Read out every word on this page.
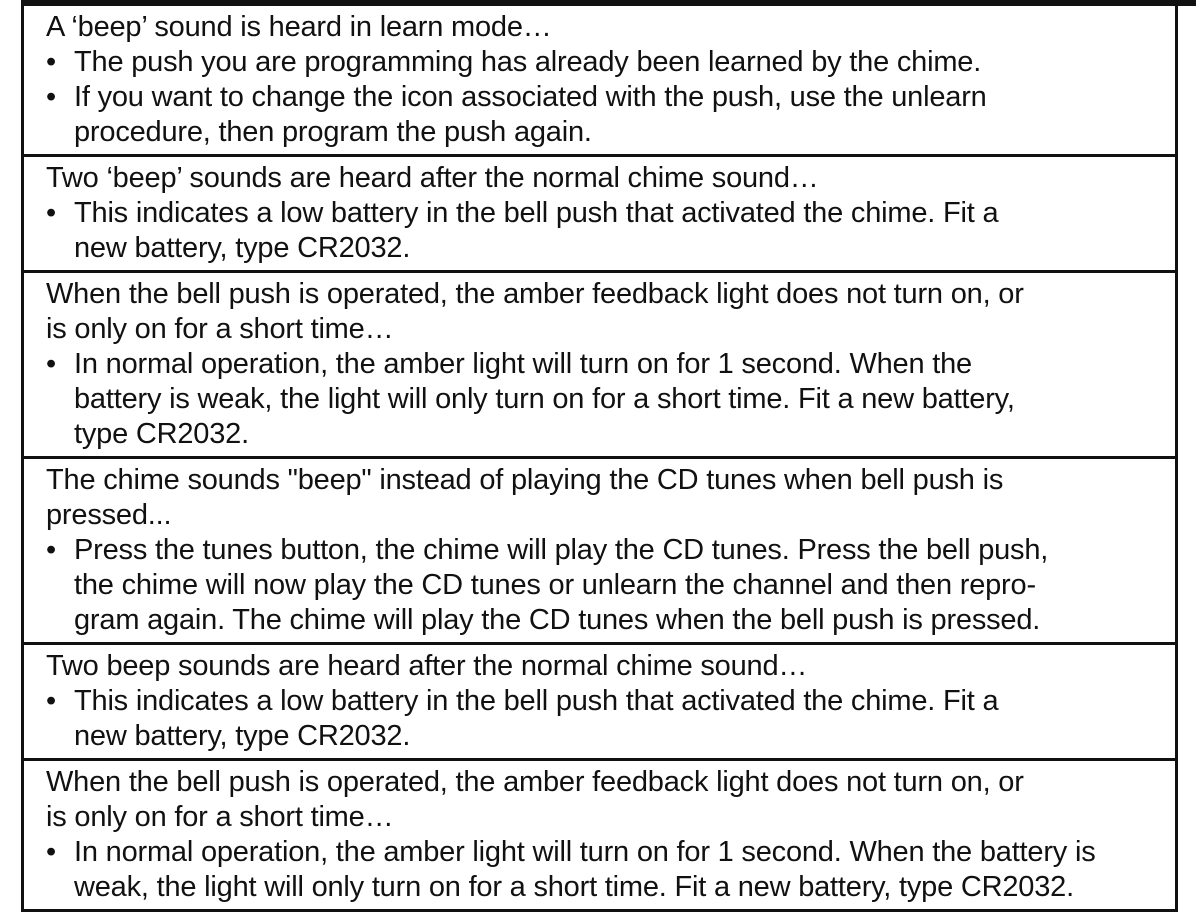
A ‘beep’ sound is heard in learn mode…
• The push you are programming has already been learned by the chime.
• If you want to change the icon associated with the push, use the unlearn
procedure, then program the push again.
Two ‘beep’ sounds are heard after the normal chime sound…
• This indicates a low battery in the bell push that activated the chime. Fit a
new battery, type CR2032.
When the bell push is operated, the amber feedback light does not turn on, or
is only on for a short time…
• In normal operation, the amber light will turn on for 1 second. When the
battery is weak, the light will only turn on for a short time. Fit a new battery,
type CR2032.
The chime sounds "beep" instead of playing the CD tunes when bell push is
pressed...
• Press the tunes button, the chime will play the CD tunes. Press the bell push,
the chime will now play the CD tunes or unlearn the channel and then repro-
gram again. The chime will play the CD tunes when the bell push is pressed.
Two beep sounds are heard after the normal chime sound…
• This indicates a low battery in the bell push that activated the chime. Fit a
new battery, type CR2032.
When the bell push is operated, the amber feedback light does not turn on, or
is only on for a short time…
• In normal operation, the amber light will turn on for 1 second. When the battery is
weak, the light will only turn on for a short time. Fit a new battery, type CR2032.
